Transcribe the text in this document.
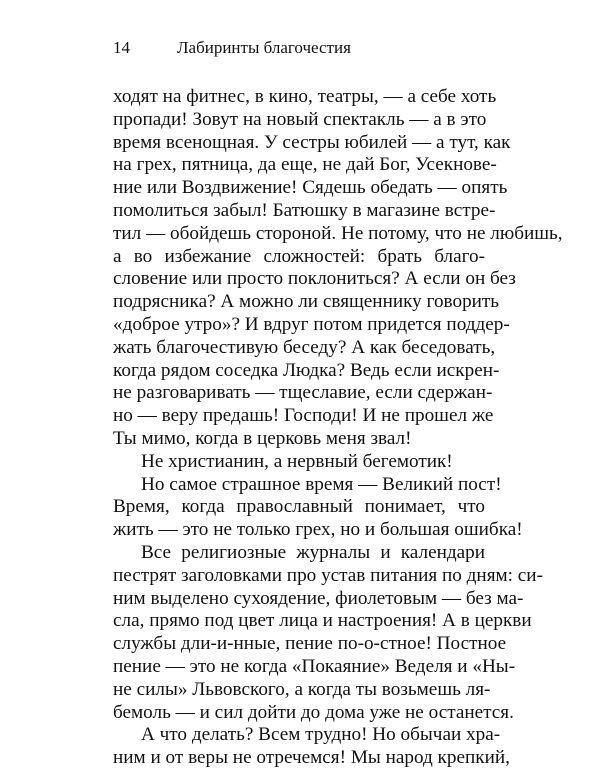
14	Лабиринты благочестия
ходят на фитнес, в кино, театры, — а себе хоть
пропади! Зовут на новый спектакль — а в это
время всенощная. У сестры юбилей — а тут, как
на грех, пятница, да еще, не дай Бог, Усекнове-
ние или Воздвижение! Сядешь обедать — опять
помолиться забыл! Батюшку в магазине встре-
тил — обойдешь стороной. Не потому, что не любишь,
а во избежание сложностей: брать благо-
словение или просто поклониться? А если он без
подрясника? А можно ли священнику говорить
«доброе утро»? И вдруг потом придется поддер-
жать благочестивую беседу? А как беседовать,
когда рядом соседка Людка? Ведь если искрен-
не разговаривать — тщеславие, если сдержан-
но — веру предашь! Господи! И не прошел же
Ты мимо, когда в церковь меня звал!
Не христианин, а нервный бегемотик!
Но самое страшное время — Великий пост!
Время, когда православный понимает, что
жить — это не только грех, но и большая ошибка!
Все религиозные журналы и календари
пестрят заголовками про устав питания по дням: си-
ним выделено сухоядение, фиолетовым — без ма-
сла, прямо под цвет лица и настроения! А в церкви
службы дли-и-нные, пение по-о-стное! Постное
пение — это не когда «Покаяние» Веделя и «Ны-
не силы» Львовского, а когда ты возьмешь ля-
бемоль — и сил дойти до дома уже не останется.
А что делать? Всем трудно! Но обычаи хра-
ним и от веры не отречемся! Мы народ крепкий,
